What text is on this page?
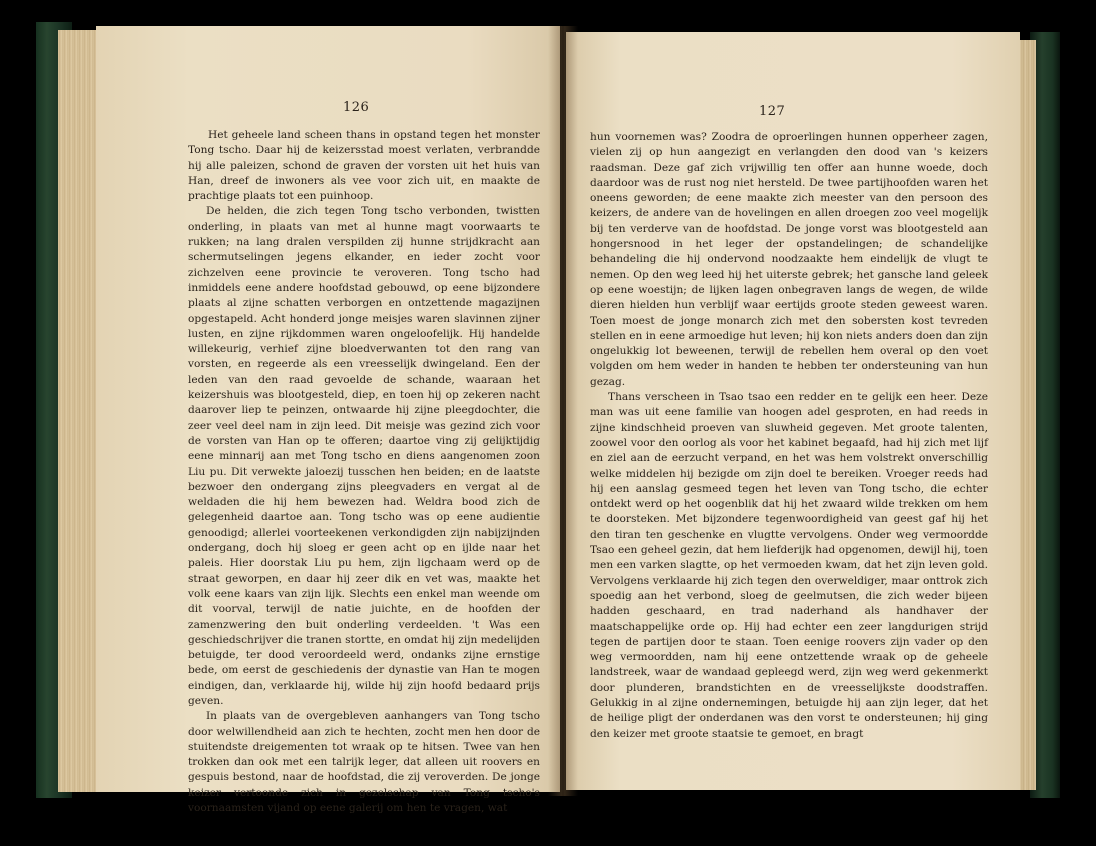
126

Het geheele land scheen thans in opstand tegen het monster Tong tscho. Daar hij de keizersstad moest verlaten, verbrandde hij alle paleizen, schond de graven der vorsten uit het huis van Han, dreef de inwoners als vee voor zich uit, en maakte de prachtige plaats tot een puinhoop.

De helden, die zich tegen Tong tscho verbonden, twistten onderling, in plaats van met al hunne magt voorwaarts te rukken; na lang dralen verspilden zij hunne strijdkracht aan schermutselingen jegens elkander, en ieder zocht voor zichzelven eene provincie te veroveren. Tong tscho had inmiddels eene andere hoofdstad gebouwd, op eene bijzondere plaats al zijne schatten verborgen en ontzettende magazijnen opgestapeld. Acht honderd jonge meisjes waren slavinnen zijner lusten, en zijne rijkdommen waren ongeloofelijk. Hij handelde willekeurig, verhief zijne bloedverwanten tot den rang van vorsten, en regeerde als een vreesselijk dwingeland. Een der leden van den raad gevoelde de schande, waaraan het keizershuis was blootgesteld, diep, en toen hij op zekeren nacht daarover liep te peinzen, ontwaarde hij zijne pleegdochter, die zeer veel deel nam in zijn leed. Dit meisje was gezind zich voor de vorsten van Han op te offeren; daartoe ving zij gelijktijdig eene minnarij aan met Tong tscho en diens aangenomen zoon Liu pu. Dit verwekte jaloezij tusschen hen beiden; en de laatste bezwoer den ondergang zijns pleegvaders en vergat al de weldaden die hij hem bewezen had. Weldra bood zich de gelegenheid daartoe aan. Tong tscho was op eene audientie genoodigd; allerlei voorteekenen verkondigden zijn nabijzijnden ondergang, doch hij sloeg er geen acht op en ijlde naar het paleis. Hier doorstak Liu pu hem, zijn ligchaam werd op de straat geworpen, en daar hij zeer dik en vet was, maakte het volk eene kaars van zijn lijk. Slechts een enkel man weende om dit voorval, terwijl de natie juichte, en de hoofden der zamenzwering den buit onderling verdeelden. 't Was een geschiedschrijver die tranen stortte, en omdat hij zijn medelijden betuigde, ter dood veroordeeld werd, ondanks zijne ernstige bede, om eerst de geschiedenis der dynastie van Han te mogen eindigen, dan, verklaarde hij, wilde hij zijn hoofd bedaard prijs geven.

In plaats van de overgebleven aanhangers van Tong tscho door welwillendheid aan zich te hechten, zocht men hen door de stuitendste dreigementen tot wraak op te hitsen. Twee van hen trokken dan ook met een talrijk leger, dat alleen uit roovers en gespuis bestond, naar de hoofdstad, die zij veroverden. De jonge keizer vertoonde zich in gezelschap van Tong tscho's voornaamsten vijand op eene galerij om hen te vragen, wat

127

hun voornemen was? Zoodra de oproerlingen hunnen opperheer zagen, vielen zij op hun aangezigt en verlangden den dood van 's keizers raadsman. Deze gaf zich vrijwillig ten offer aan hunne woede, doch daardoor was de rust nog niet hersteld. De twee partijhoofden waren het oneens geworden; de eene maakte zich meester van den persoon des keizers, de andere van de hovelingen en allen droegen zoo veel mogelijk bij ten verderve van de hoofdstad. De jonge vorst was blootgesteld aan hongersnood in het leger der opstandelingen; de schandelijke behandeling die hij ondervond noodzaakte hem eindelijk de vlugt te nemen. Op den weg leed hij het uiterste gebrek; het gansche land geleek op eene woestijn; de lijken lagen onbegraven langs de wegen, de wilde dieren hielden hun verblijf waar eertijds groote steden geweest waren. Toen moest de jonge monarch zich met den sobersten kost tevreden stellen en in eene armoedige hut leven; hij kon niets anders doen dan zijn ongelukkig lot beweenen, terwijl de rebellen hem overal op den voet volgden om hem weder in handen te hebben ter ondersteuning van hun gezag.

Thans verscheen in Tsao tsao een redder en te gelijk een heer. Deze man was uit eene familie van hoogen adel gesproten, en had reeds in zijne kindschheid proeven van sluwheid gegeven. Met groote talenten, zoowel voor den oorlog als voor het kabinet begaafd, had hij zich met lijf en ziel aan de eerzucht verpand, en het was hem volstrekt onverschillig welke middelen hij bezigde om zijn doel te bereiken. Vroeger reeds had hij een aanslag gesmeed tegen het leven van Tong tscho, die echter ontdekt werd op het oogenblik dat hij het zwaard wilde trekken om hem te doorsteken. Met bijzondere tegenwoordigheid van geest gaf hij het den tiran ten geschenke en vlugtte vervolgens. Onder weg vermoordde Tsao een geheel gezin, dat hem liefderijk had opgenomen, dewijl hij, toen men een varken slagtte, op het vermoeden kwam, dat het zijn leven gold. Vervolgens verklaarde hij zich tegen den overweldiger, maar onttrok zich spoedig aan het verbond, sloeg de geelmutsen, die zich weder bijeen hadden geschaard, en trad naderhand als handhaver der maatschappelijke orde op. Hij had echter een zeer langdurigen strijd tegen de partijen door te staan. Toen eenige roovers zijn vader op den weg vermoordden, nam hij eene ontzettende wraak op de geheele landstreek, waar de wandaad gepleegd werd, zijn weg werd gekenmerkt door plunderen, brandstichten en de vreesselijkste doodstraffen. Gelukkig in al zijne ondernemingen, betuigde hij aan zijn leger, dat het de heilige pligt der onderdanen was den vorst te ondersteunen; hij ging den keizer met groote staatsie te gemoet, en bragt
